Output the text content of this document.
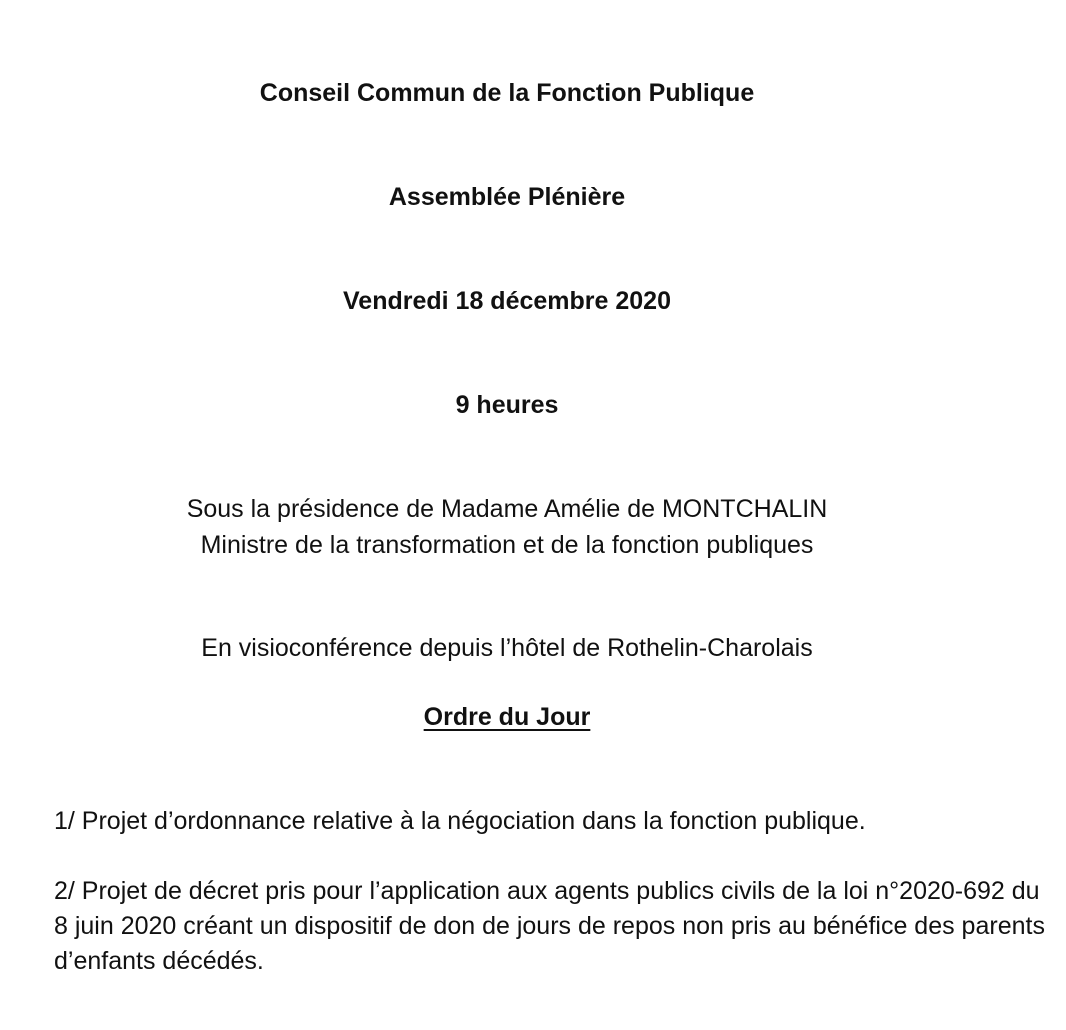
Conseil Commun de la Fonction Publique
Assemblée Plénière
Vendredi 18 décembre 2020
9 heures
Sous la présidence de Madame Amélie de MONTCHALIN
Ministre de la transformation et de la fonction publiques
En visioconférence depuis l’hôtel de Rothelin-Charolais
Ordre du Jour
1/ Projet d’ordonnance relative à la négociation dans la fonction publique.
2/ Projet de décret pris pour l’application aux agents publics civils de la loi n°2020-692 du
8 juin 2020 créant un dispositif de don de jours de repos non pris au bénéfice des parents
d’enfants décédés.
